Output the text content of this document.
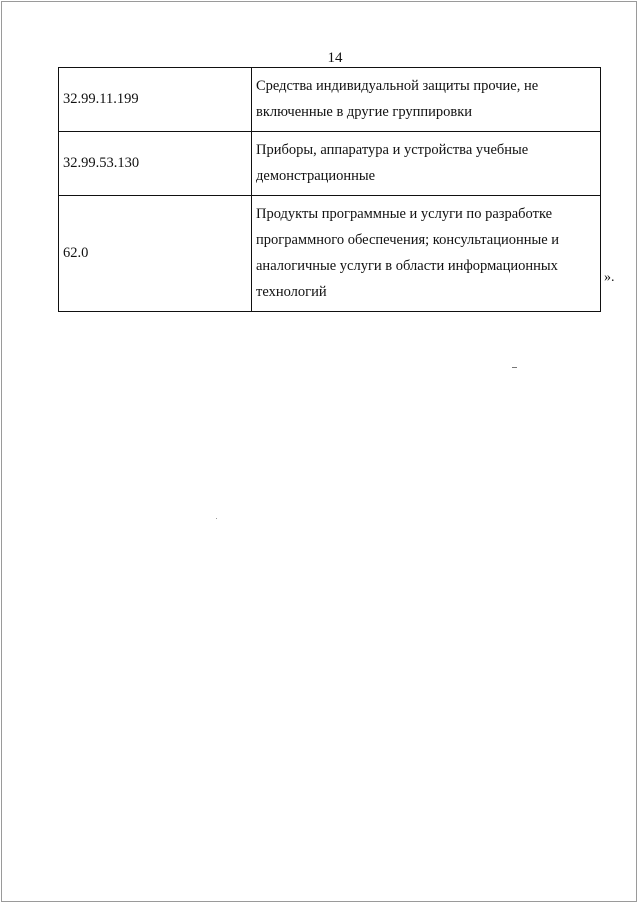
14
32.99.11.199	Средства индивидуальной защиты прочие, не включенные в другие группировки
32.99.53.130	Приборы, аппаратура и устройства учебные демонстрационные
62.0	Продукты программные и услуги по разработке программного обеспечения; консультационные и аналогичные услуги в области информационных технологий
».
